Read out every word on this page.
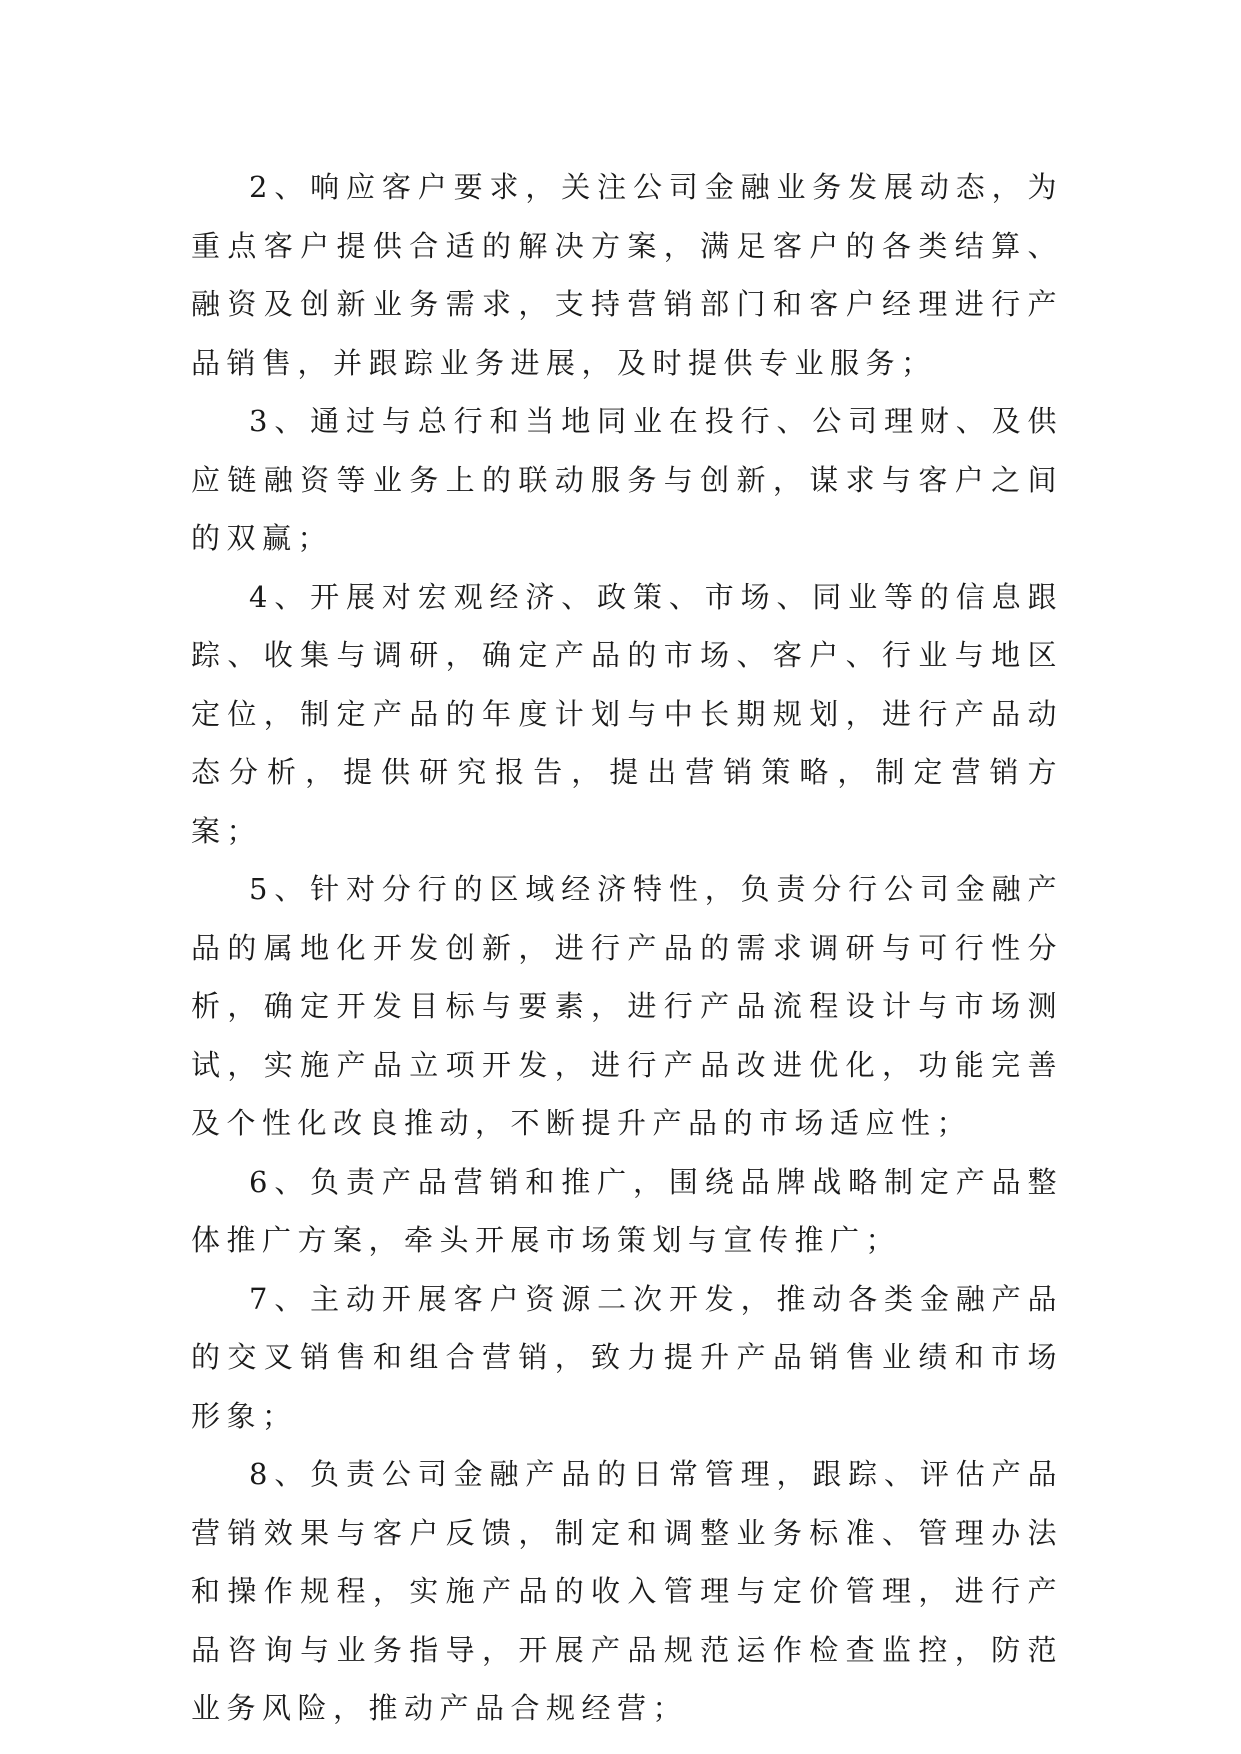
2、响应客户要求，关注公司金融业务发展动态，为重点客户提供合适的解决方案，满足客户的各类结算、融资及创新业务需求，支持营销部门和客户经理进行产品销售，并跟踪业务进展，及时提供专业服务；

3、通过与总行和当地同业在投行、公司理财、及供应链融资等业务上的联动服务与创新，谋求与客户之间的双赢；

4、开展对宏观经济、政策、市场、同业等的信息跟踪、收集与调研，确定产品的市场、客户、行业与地区定位，制定产品的年度计划与中长期规划，进行产品动态分析，提供研究报告，提出营销策略，制定营销方案；

5、针对分行的区域经济特性，负责分行公司金融产品的属地化开发创新，进行产品的需求调研与可行性分析，确定开发目标与要素，进行产品流程设计与市场测试，实施产品立项开发，进行产品改进优化，功能完善及个性化改良推动，不断提升产品的市场适应性；

6、负责产品营销和推广，围绕品牌战略制定产品整体推广方案，牵头开展市场策划与宣传推广；

7、主动开展客户资源二次开发，推动各类金融产品的交叉销售和组合营销，致力提升产品销售业绩和市场形象；

8、负责公司金融产品的日常管理，跟踪、评估产品营销效果与客户反馈，制定和调整业务标准、管理办法和操作规程，实施产品的收入管理与定价管理，进行产品咨询与业务指导，开展产品规范运作检查监控，防范业务风险，推动产品合规经营；
